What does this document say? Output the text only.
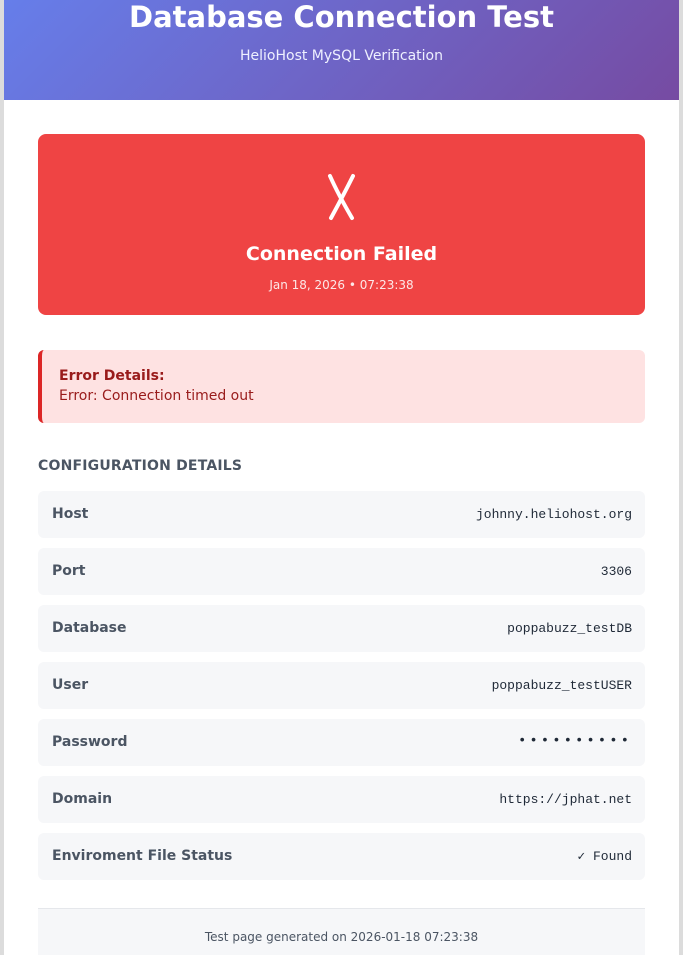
Database Connection Test
HelioHost MySQL Verification
Connection Failed
Jan 18, 2026 • 07:23:38
Error Details:
Error: Connection timed out
CONFIGURATION DETAILS
Host	johnny.heliohost.org
Port	3306
Database	poppabuzz_testDB
User	poppabuzz_testUSER
Password	••••••••••
Domain	https://jphat.net
Enviroment File Status	✓ Found
Test page generated on 2026-01-18 07:23:38
